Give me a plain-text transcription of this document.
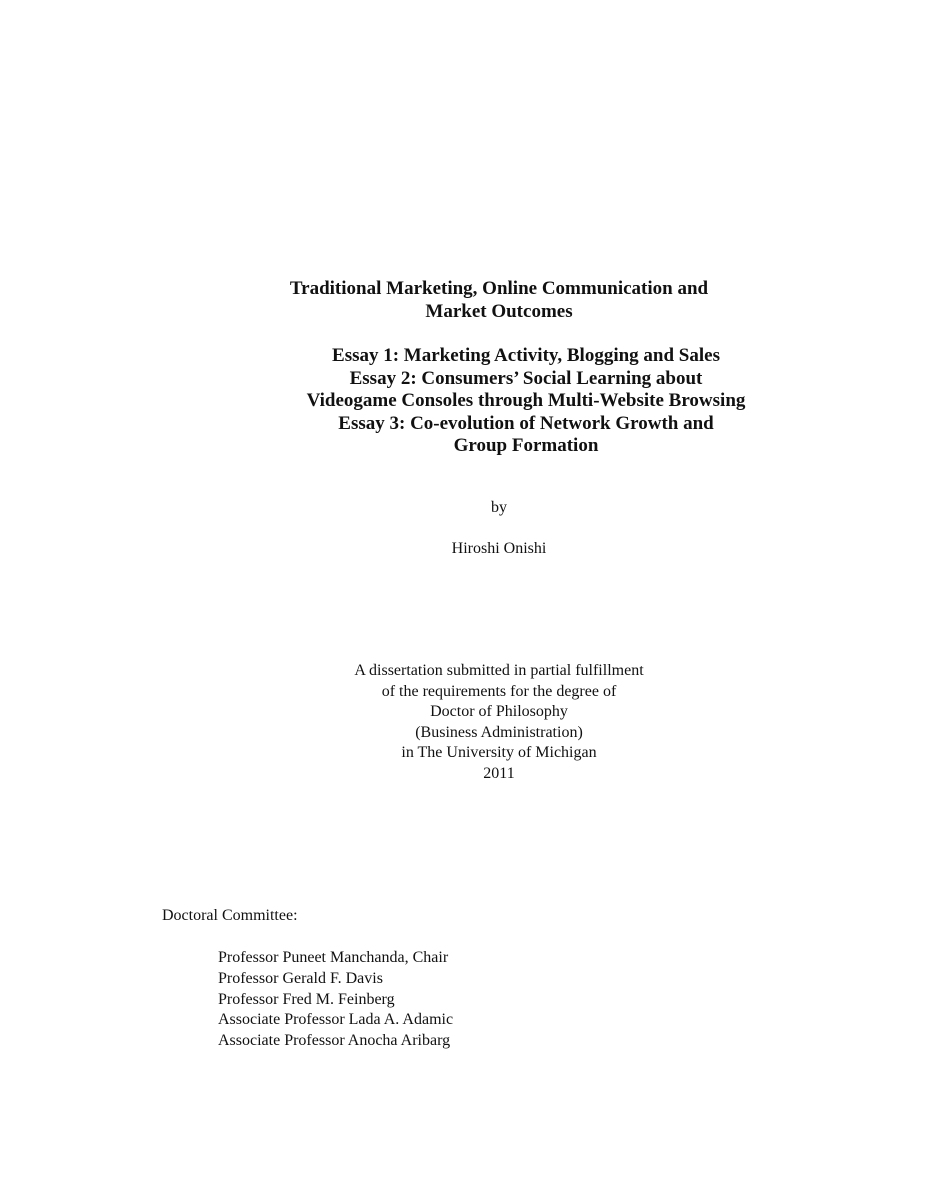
Traditional Marketing, Online Communication and
Market Outcomes
Essay 1: Marketing Activity, Blogging and Sales
Essay 2: Consumers’ Social Learning about
Videogame Consoles through Multi-Website Browsing
Essay 3: Co-evolution of Network Growth and
Group Formation
by
Hiroshi Onishi
A dissertation submitted in partial fulfillment
of the requirements for the degree of
Doctor of Philosophy
(Business Administration)
in The University of Michigan
2011
Doctoral Committee:
Professor Puneet Manchanda, Chair
Professor Gerald F. Davis
Professor Fred M. Feinberg
Associate Professor Lada A. Adamic
Associate Professor Anocha Aribarg
